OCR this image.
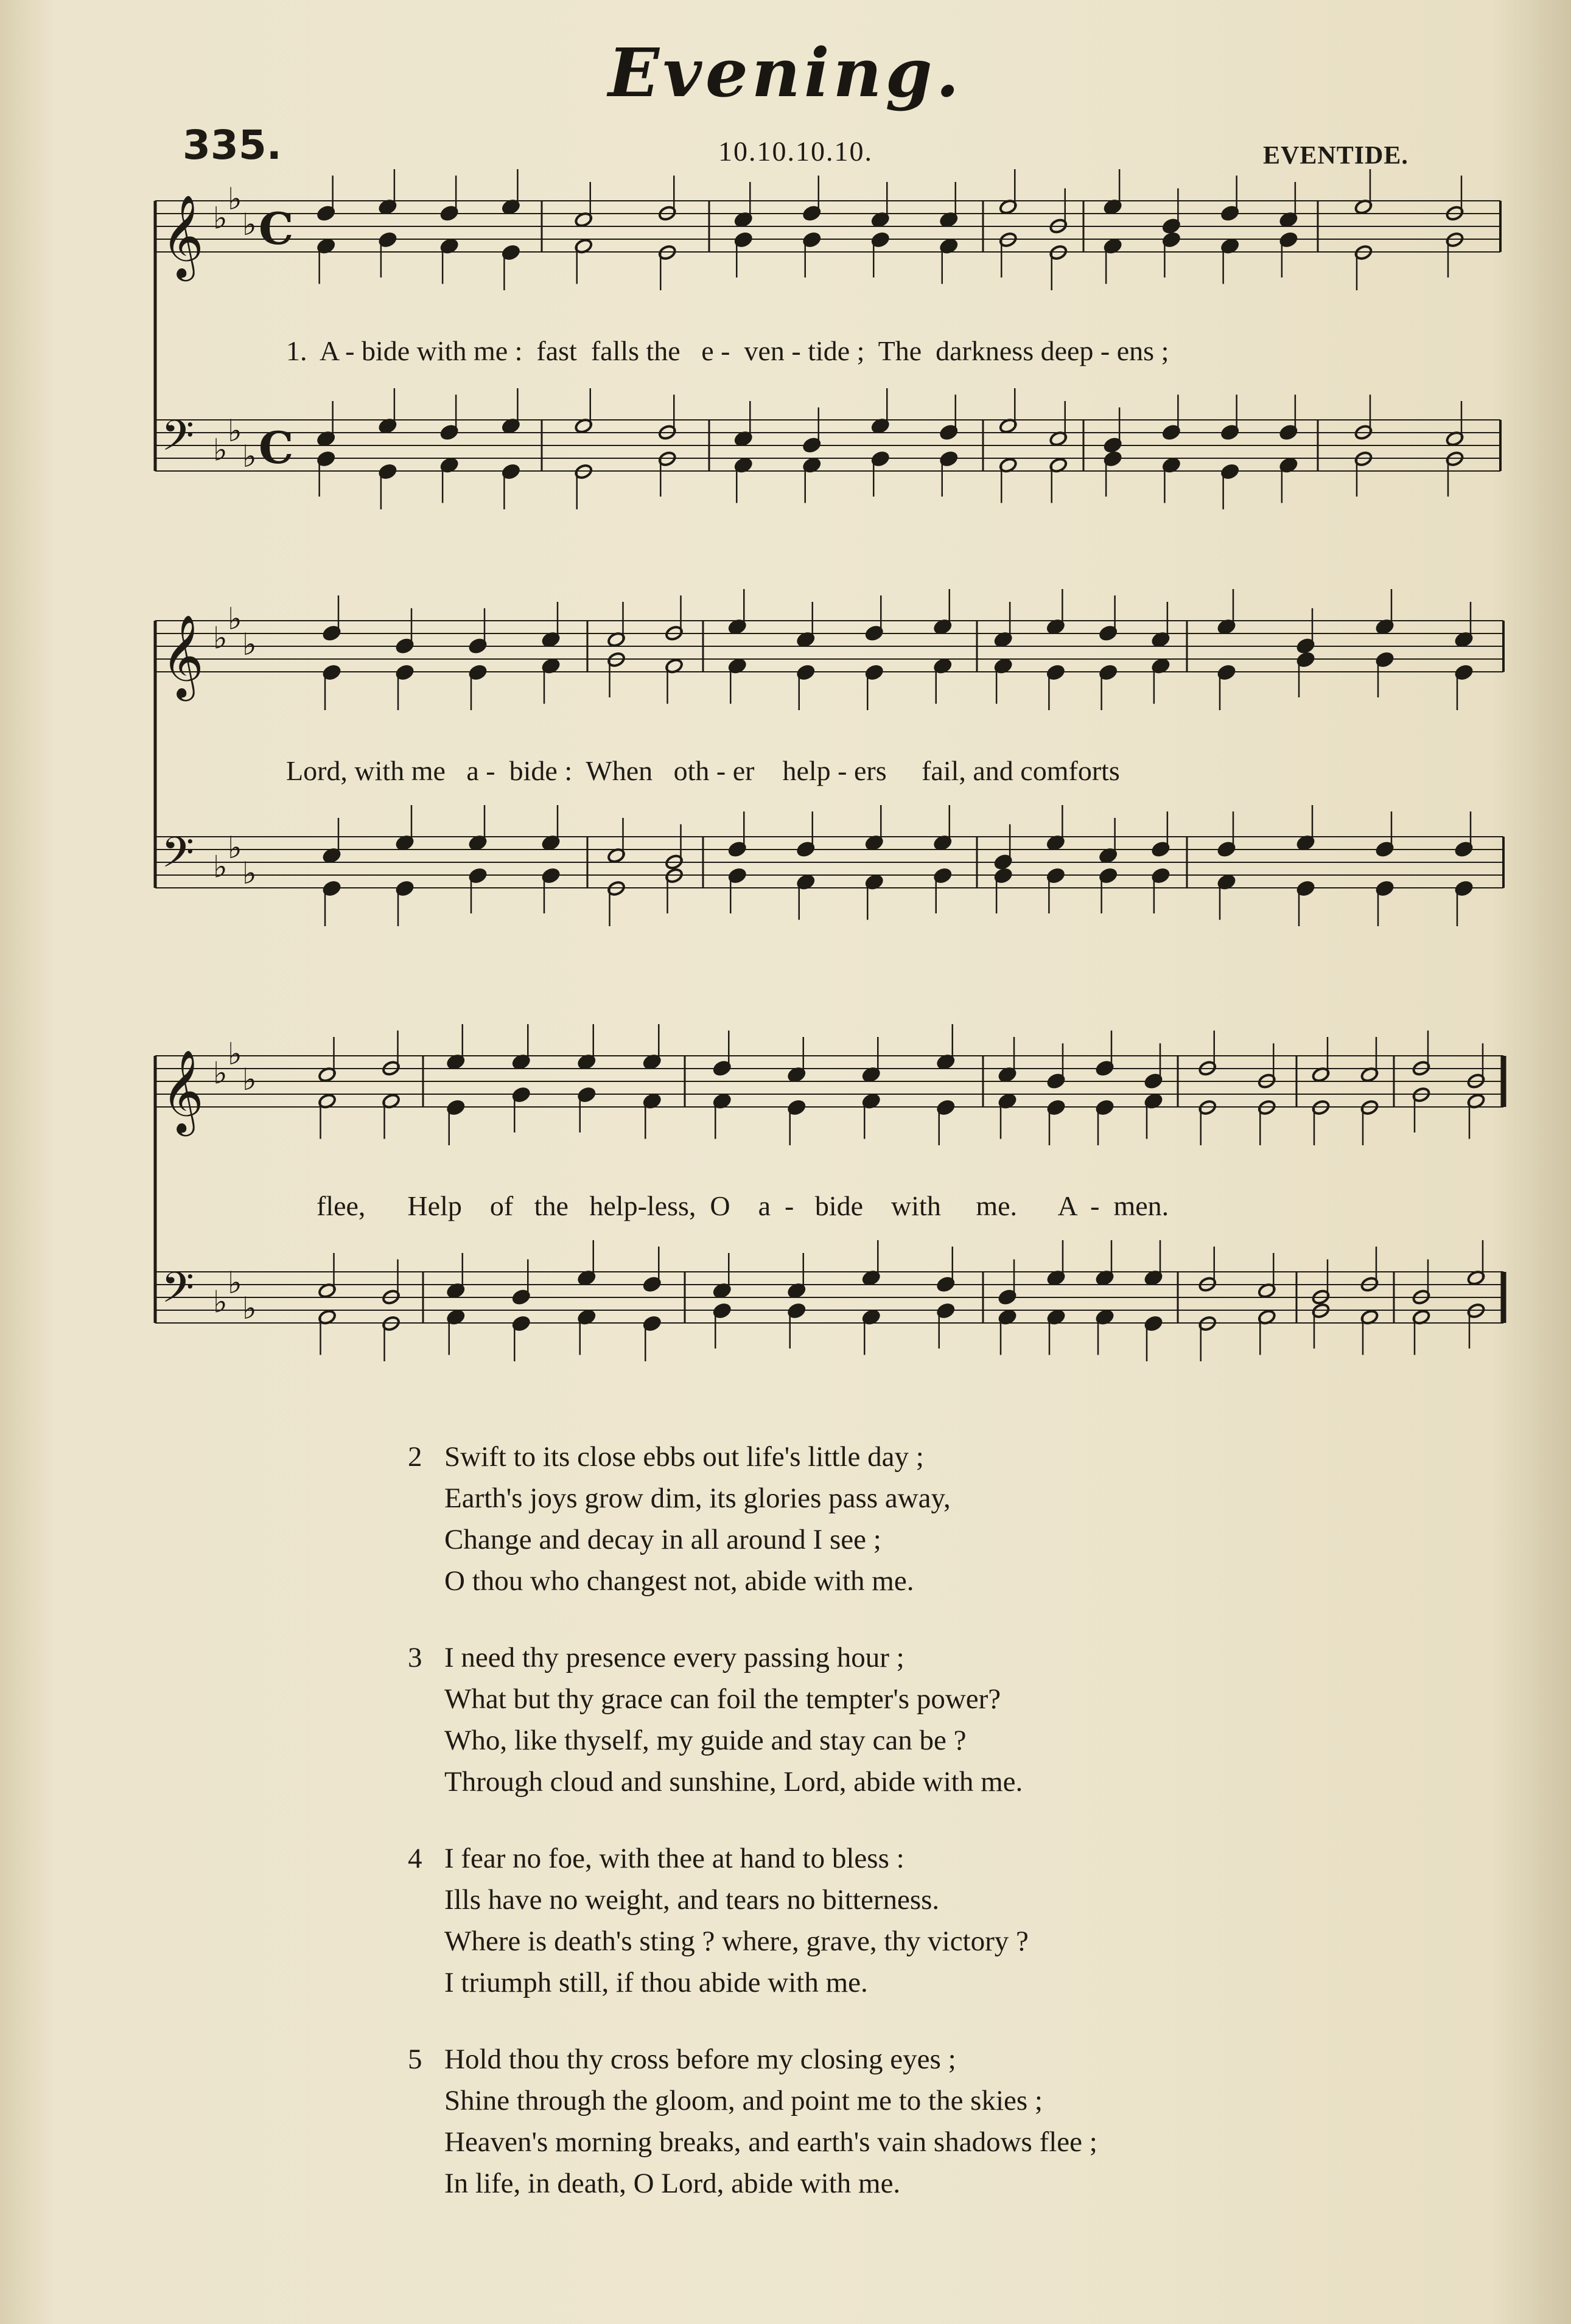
Evening.
335.	10.10.10.10.	EVENTIDE.
𝄞 ♭
♭
♭ C
𝄢 ♭
♭
♭ C
𝄞 ♭
♭
♭
𝄢 ♭
♭
♭
𝄞 ♭
♭
♭
𝄢 ♭
♭
♭
1.  A - bide with me :  fast  falls the   e -  ven - tide ;  The  darkness deep - ens ;
Lord, with me   a -  bide :  When   oth - er    help - ers     fail, and comforts
flee,      Help    of   the   help-less,  O    a  -   bide    with     me.      A  -  men.
2 Swift to its close ebbs out life's little day ;
Earth's joys grow dim, its glories pass away,
Change and decay in all around I see ;
O thou who changest not, abide with me.
3 I need thy presence every passing hour ;
What but thy grace can foil the tempter's power?
Who, like thyself, my guide and stay can be ?
Through cloud and sunshine, Lord, abide with me.
4 I fear no foe, with thee at hand to bless :
Ills have no weight, and tears no bitterness.
Where is death's sting ? where, grave, thy victory ?
I triumph still, if thou abide with me.
5 Hold thou thy cross before my closing eyes ;
Shine through the gloom, and point me to the skies ;
Heaven's morning breaks, and earth's vain shadows flee ;
In life, in death, O Lord, abide with me.
